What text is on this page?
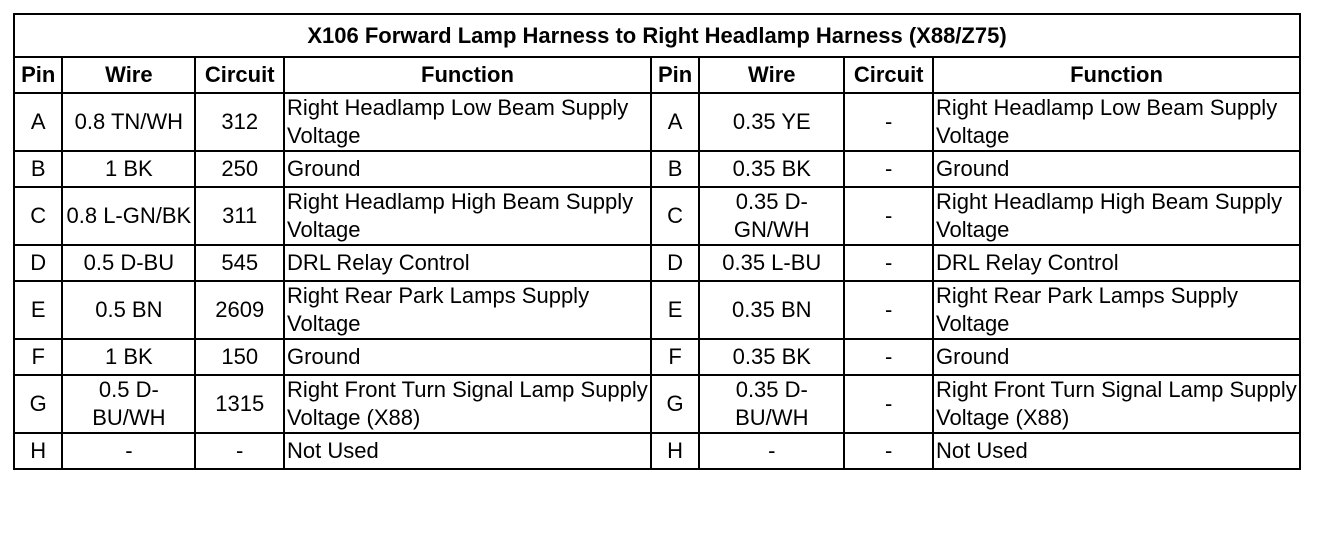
X106 Forward Lamp Harness to Right Headlamp Harness (X88/Z75)							
Pin	Wire	Circuit	Function	Pin	Wire	Circuit	Function
A	0.8 TN/WH	312	Right Headlamp Low Beam Supply Voltage	A	0.35 YE	-	Right Headlamp Low Beam Supply Voltage
B	1 BK	250	Ground	B	0.35 BK	-	Ground
C	0.8 L-GN/BK	311	Right Headlamp High Beam Supply Voltage	C	0.35 D-GN/WH	-	Right Headlamp High Beam Supply Voltage
D	0.5 D-BU	545	DRL Relay Control	D	0.35 L-BU	-	DRL Relay Control
E	0.5 BN	2609	Right Rear Park Lamps Supply Voltage	E	0.35 BN	-	Right Rear Park Lamps Supply Voltage
F	1 BK	150	Ground	F	0.35 BK	-	Ground
G	0.5 D-BU/WH	1315	Right Front Turn Signal Lamp Supply Voltage (X88)	G	0.35 D-BU/WH	-	Right Front Turn Signal Lamp Supply Voltage (X88)
H	-	-	Not Used	H	-	-	Not Used
